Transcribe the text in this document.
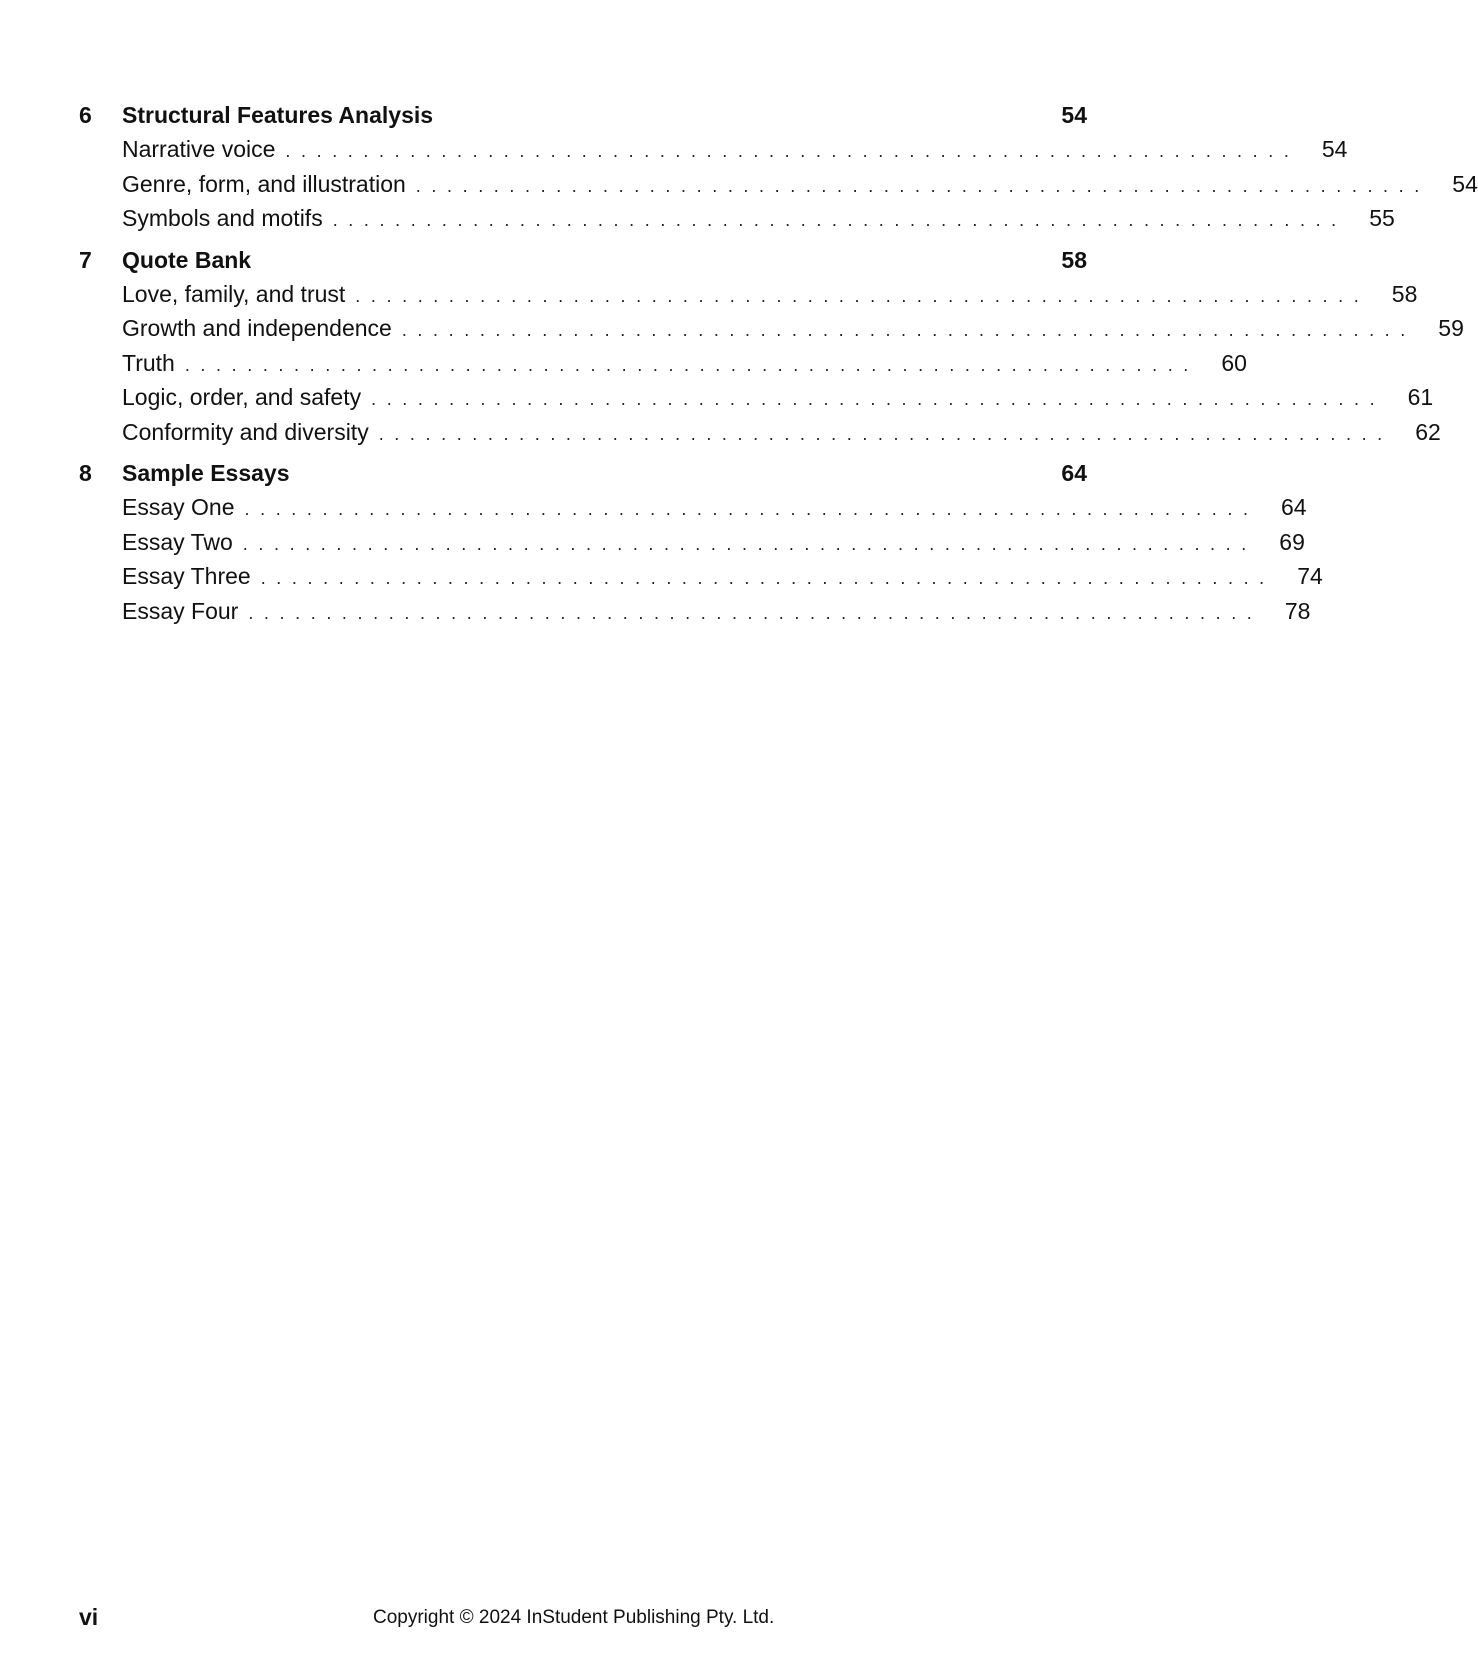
6	Structural Features Analysis	54
Narrative voice ................................................................. 54
Genre, form, and illustration ................................................................. 54
Symbols and motifs ................................................................. 55
7	Quote Bank	58
Love, family, and trust ................................................................. 58
Growth and independence ................................................................. 59
Truth ................................................................. 60
Logic, order, and safety ................................................................. 61
Conformity and diversity ................................................................. 62
8	Sample Essays	64
Essay One ................................................................. 64
Essay Two ................................................................. 69
Essay Three ................................................................. 74
Essay Four ................................................................. 78
vi	Copyright © 2024 InStudent Publishing Pty. Ltd.
